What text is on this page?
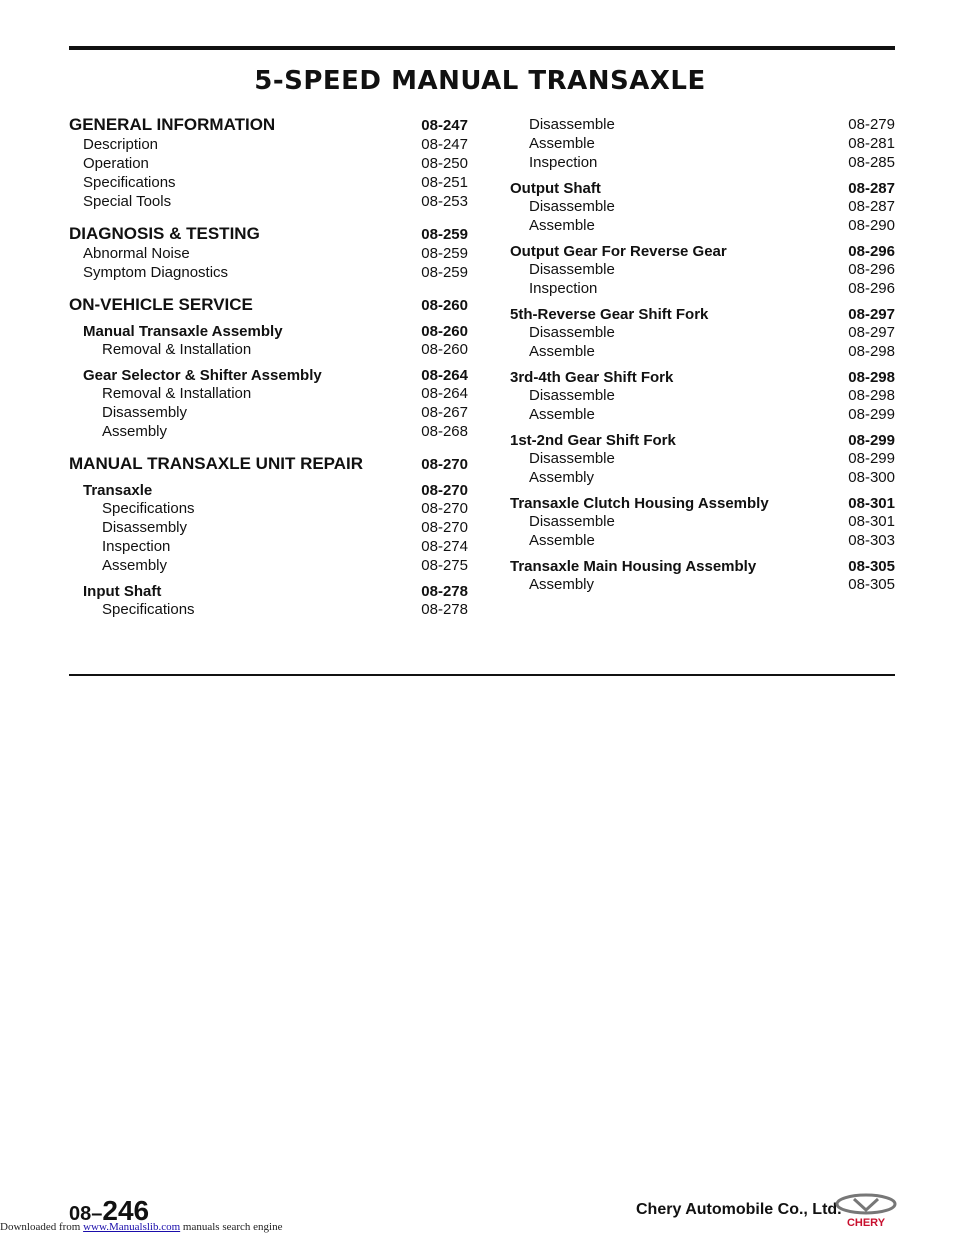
5-SPEED MANUAL TRANSAXLE
GENERAL INFORMATION	08-247
Description	08-247
Operation	08-250
Specifications	08-251
Special Tools	08-253
DIAGNOSIS & TESTING	08-259
Abnormal Noise	08-259
Symptom Diagnostics	08-259
ON-VEHICLE SERVICE	08-260
Manual Transaxle Assembly	08-260
Removal & Installation	08-260
Gear Selector & Shifter Assembly	08-264
Removal & Installation	08-264
Disassembly	08-267
Assembly	08-268
MANUAL TRANSAXLE UNIT REPAIR	08-270
Transaxle	08-270
Specifications	08-270
Disassembly	08-270
Inspection	08-274
Assembly	08-275
Input Shaft	08-278
Specifications	08-278
Disassemble	08-279
Assemble	08-281
Inspection	08-285
Output Shaft	08-287
Disassemble	08-287
Assemble	08-290
Output Gear For Reverse Gear	08-296
Disassemble	08-296
Inspection	08-296
5th-Reverse Gear Shift Fork	08-297
Disassemble	08-297
Assemble	08-298
3rd-4th Gear Shift Fork	08-298
Disassemble	08-298
Assemble	08-299
1st-2nd Gear Shift Fork	08-299
Disassemble	08-299
Assembly	08-300
Transaxle Clutch Housing Assembly	08-301
Disassemble	08-301
Assemble	08-303
Transaxle Main Housing Assembly	08-305
Assembly	08-305
08–246	Chery Automobile Co., Ltd.
CHERY
Downloaded from www.Manualslib.com manuals search engine
